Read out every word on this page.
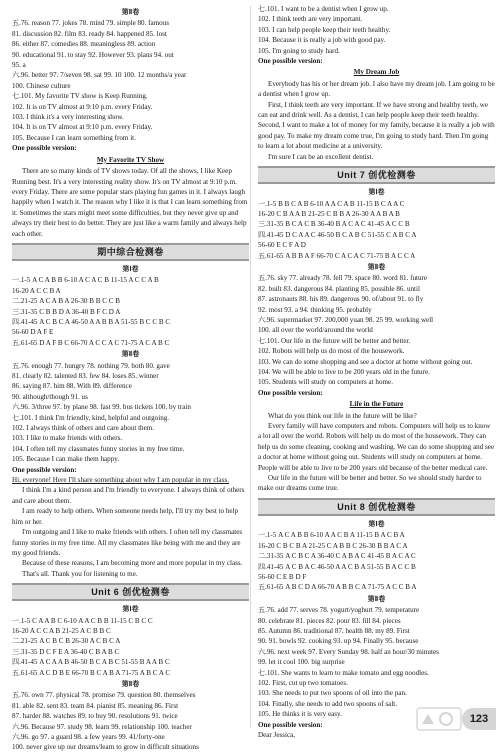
第Ⅱ卷
五.76. reason 77. jokes 78. mind 79. simple 80. famous
81. discussion 82. film 83. ready 84. happened 85. lost
86. either 87. comedies 88. meaningless 89. action
90. educational 91. to stay 92. However 93. plans 94. out
95. a
六.96. better 97. 7/seven 98. sat 99. 10 100. 12 months/a year
100. Chinese culture
七.101. My favorite TV show is Keep Running.
102. It is on TV almost at 9:10 p.m. every Friday.
103. I think it's a very interesting show.
104. It is on TV almost at 9:10 p.m. every Friday.
105. Because I can learn something from it.
One possible version:
My Favorite TV Show
There are so many kinds of TV shows today. Of all the shows, I like Keep Running best. It's a very interesting reality show. It's on TV almost at 9:10 p.m. every Friday. There are some popular stars playing fun games in it. I always laugh happily when I watch it. The reason why I like it is that I can learn something from it. Sometimes the stars might meet some difficulties, but they never give up and always try their best to do better. They are just like a warm family and always help each other.
期中综合检测卷
第Ⅰ卷
一.1-5 A C A B B 6-10 A C A C B 11-15 A C C A B
16-20 A C C B A
二.21-25 A C A B A 26-30 B B C C B
三.31-35 C B B D A 36-40 B F C D A
四.41-45 A C B C A 46-50 A A B B A 51-55 B C C B C
56-60 D A F E
五.61-65 D A F B C 66-70 A C C A C 71-75 A C A B C
第Ⅱ卷
五.76. enough 77. hungry 78. nothing 79. both 80. gave
81. clearly 82. talented 83. few 84. loses 85. winner
86. saying 87. him 88. With 89. difference
90. although/though 91. us
六.96. 3/three 97. by plane 98. fast 99. bus tickets 100. by train
七.101. I think I'm friendly, kind, helpful and outgoing.
102. I always think of others and care about them.
103. I like to make friends with others.
104. I often tell my classmates funny stories in my free time.
105. Because I can make them happy.
One possible version:
Hi, everyone! Here I'll share something about why I am popular in my class.
I think I'm a kind person and I'm friendly to everyone. I always think of others and care about them.
I am ready to help others. When someone needs help, I'll try my best to help him or her.
I'm outgoing and I like to make friends with others. I often tell my classmates funny stories in my free time. All my classmates like being with me and they are my good friends.
Because of these reasons, I am becoming more and more popular in my class.
That's all. Thank you for listening to me.
Unit 6 创优检测卷
第Ⅰ卷
一.1-5 C A A B C 6-10 A A C B B 11-15 C B C C
16-20 A C C A B 21-25 A C B B C
二.21-25 A C B C B 26-30 A C B C A
三.31-35 D C F E A 36-40 C B A B C
四.41-45 A C A A B 46-50 B C A B C 51-55 B A A B C
五.61-65 A C D B E 66-70 B C A B A 71-75 A B C A C
第Ⅱ卷
五.76. own 77. physical 78. promise 79. question 80. themselves
81. able 82. sent 83. team 84. pianist 85. meaning 86. First
87. harder 88. watches 89. to buy 90. resolutions 91. twice
六.96. Because 97. study 98. learn 99. relationship 100. teacher
六.96. go 97. a guard 98. a few years 99. 41/forty-one
100. never give up our dreams/learn to grow in difficult situations
七.101. I want to be a dentist when I grow up.
102. I think teeth are very important.
103. I can help people keep their teeth healthy.
104. Because it is really a job with good pay.
105. I'm going to study hard.
One possible version:
My Dream Job
Everybody has his or her dream job. I also have my dream job. I am going to be a dentist when I grow up.
First, I think teeth are very important. If we have strong and healthy teeth, we can eat and drink well. As a dentist, I can help people keep their teeth healthy. Second, I want to make a lot of money for my family, because it is really a job with good pay. To make my dream come true, I'm going to study hard. Then I'm going to learn a lot about medicine at a university.
I'm sure I can be an excellent dentist.
Unit 7 创优检测卷
第Ⅰ卷
一.1-5 B B C A B 6-10 A A C A B 11-15 B C A A C
16-20 C B A A B 21-25 C B B A 26-30 A A B A B
三.31-35 B C A C B 36-40 B A C A C 41-45 A C C B
四.41-45 D C A A C 46-50 B C A B C 51-55 C A B C A
56-60 E C F A D
五.61-65 A B B A F 66-70 C A C A C 71-75 B A C C A
第Ⅱ卷
五.76. sky 77. already 78. fell 79. space 80. word 81. future
82. built 83. dangerous 84. planting 85. possible 86. until
87. astronauts 88. his 89. dangerous 90. of/about 91. to fly
92. most 93. a 94. thinking 95. probably
六.96. supermarket 97. 200,000 yuan 98. 25 99. working well
100. all over the world/around the world
七.101. Our life in the future will be better and better.
102. Robots will help us do most of the housework.
103. We can do some shopping and see a doctor at home without going out.
104. We will be able to live to be 200 years old in the future.
105. Students will study on computers at home.
One possible version:
Life in the Future
What do you think our life in the future will be like?
Every family will have computers and robots. Computers will help us to know a lot all over the world. Robots will help us do most of the housework. They can help us do some cleaning, cooking and washing. We can do some shopping and see a doctor at home without going out. Students will study on computers at home. People will be able to live to be 200 years old because of the better medical care.
Our life in the future will be better and better. So we should study harder to make our dreams come true.
Unit 8 创优检测卷
第Ⅰ卷
一.1-5 A C A B B 6-10 A A C B A 11-15 B A C B A
16-20 C B C B A 21-25 C A B B C 26-30 B B A C A
二.31-35 A C B C A 36-40 C A B A C 41-45 B A C A C
四.41-45 A C B A C 46-50 A A C B A 51-55 B A C C B
56-60 C E B D F
五.61-65 A B C D A 66-70 A B B C A 71-75 A C C B A
第Ⅱ卷
五.76. add 77. serves 78. yogurt/yoghurt 79. temperature
80. celebrate 81. pieces 82. pour 83. fill 84. pieces
85. Autumn 86. traditional 87. health 88. my 89. First
90. 91. bowls 92. cooking 93. up 94. Finally 95. because
六.96. next week 97. Every Sunday 98. half an hour/30 minutes
99. let it cool 100. big surprise
七.101. She wants to learn to make tomato and egg noodles.
102. First, cut up two tomatoes.
103. She needs to put two spoons of oil into the pan.
104. Finally, she needs to add two spoons of salt.
105. He thinks it is very easy.
One possible version:
Dear Jessica,
123
